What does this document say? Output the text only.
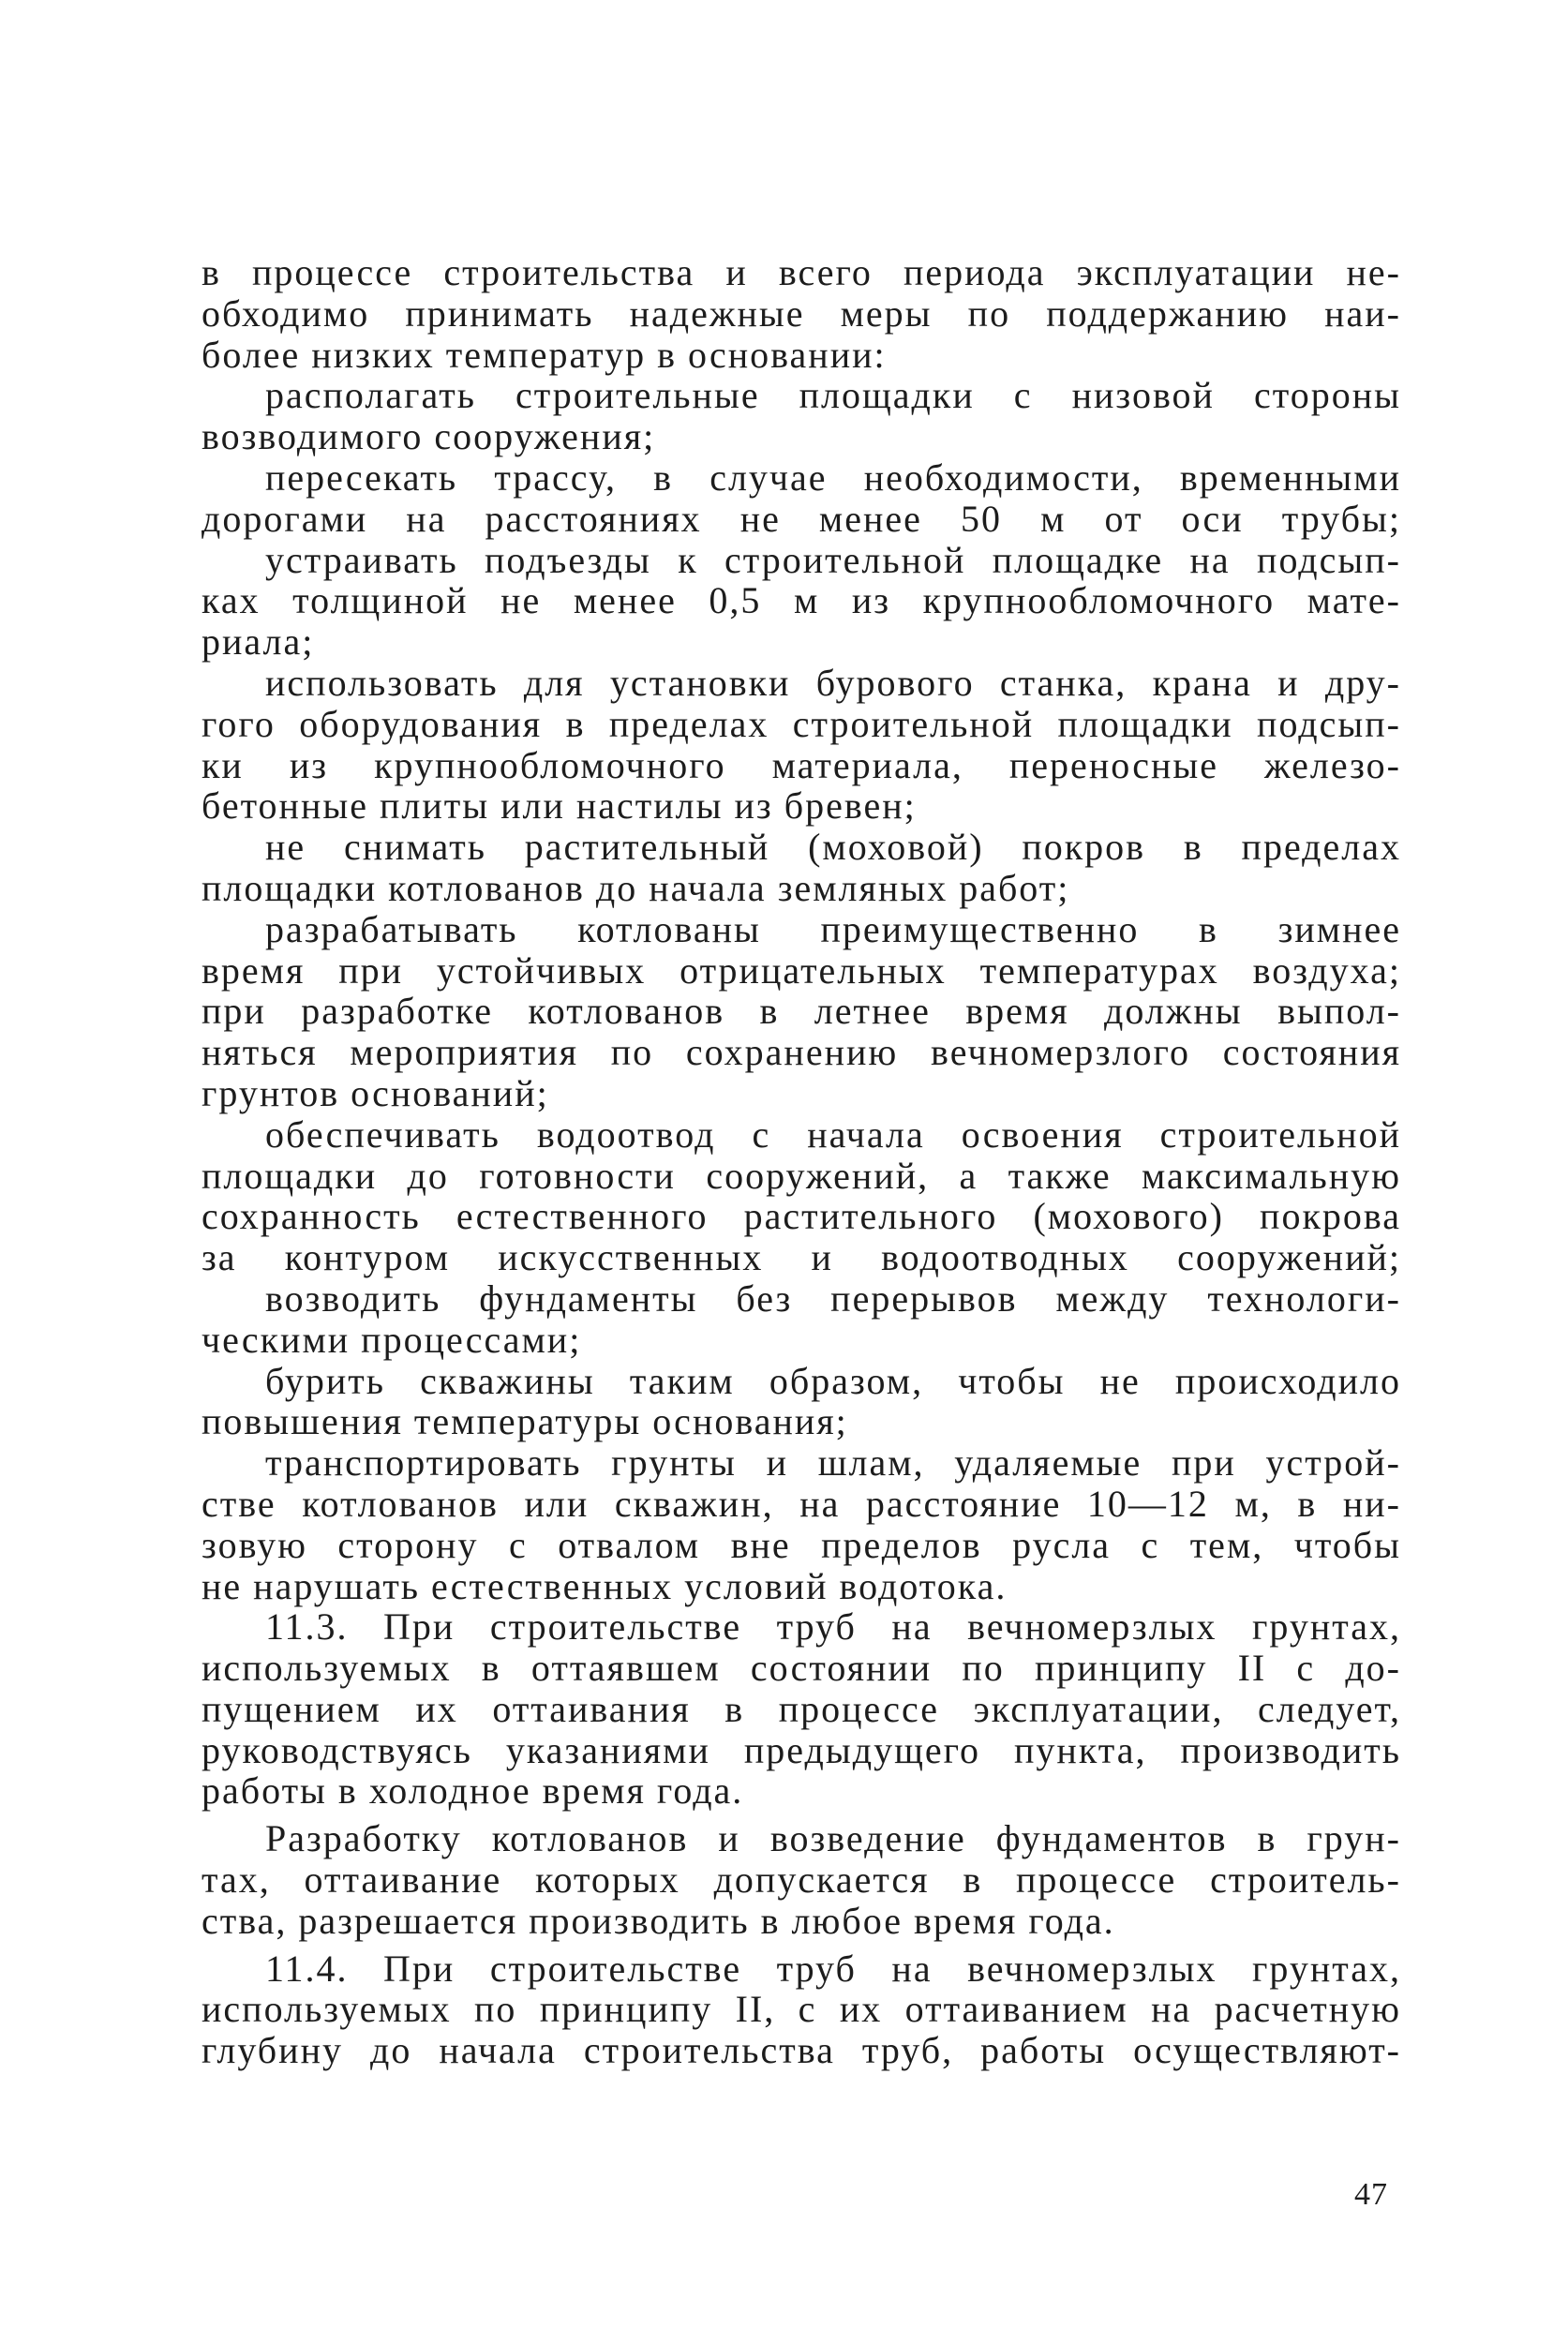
в процессе строительства и всего периода эксплуатации не-
обходимо принимать надежные меры по поддержанию наи-
более низких температур в основании:
располагать строительные площадки с низовой стороны
возводимого сооружения;
пересекать трассу, в случае необходимости, временными
дорогами на расстояниях не менее 50 м от оси трубы;
устраивать подъезды к строительной площадке на подсып-
ках толщиной не менее 0,5 м из крупнообломочного мате-
риала;
использовать для установки бурового станка, крана и дру-
гого оборудования в пределах строительной площадки подсып-
ки из крупнообломочного материала, переносные железо-
бетонные плиты или настилы из бревен;
не снимать растительный (моховой) покров в пределах
площадки котлованов до начала земляных работ;
разрабатывать котлованы преимущественно в зимнее
время при устойчивых отрицательных температурах воздуха;
при разработке котлованов в летнее время должны выпол-
няться мероприятия по сохранению вечномерзлого состояния
грунтов оснований;
обеспечивать водоотвод с начала освоения строительной
площадки до готовности сооружений, а также максимальную
сохранность естественного растительного (мохового) покрова
за контуром искусственных и водоотводных сооружений;
возводить фундаменты без перерывов между технологи-
ческими процессами;
бурить скважины таким образом, чтобы не происходило
повышения температуры основания;
транспортировать грунты и шлам, удаляемые при устрой-
стве котлованов или скважин, на расстояние 10—12 м, в ни-
зовую сторону с отвалом вне пределов русла с тем, чтобы
не нарушать естественных условий водотока.
11.3. При строительстве труб на вечномерзлых грунтах,
используемых в оттаявшем состоянии по принципу II с до-
пущением их оттаивания в процессе эксплуатации, следует,
руководствуясь указаниями предыдущего пункта, производить
работы в холодное время года.
Разработку котлованов и возведение фундаментов в грун-
тах, оттаивание которых допускается в процессе строитель-
ства, разрешается производить в любое время года.
11.4. При строительстве труб на вечномерзлых грунтах,
используемых по принципу II, с их оттаиванием на расчетную
глубину до начала строительства труб, работы осуществляют-
47
